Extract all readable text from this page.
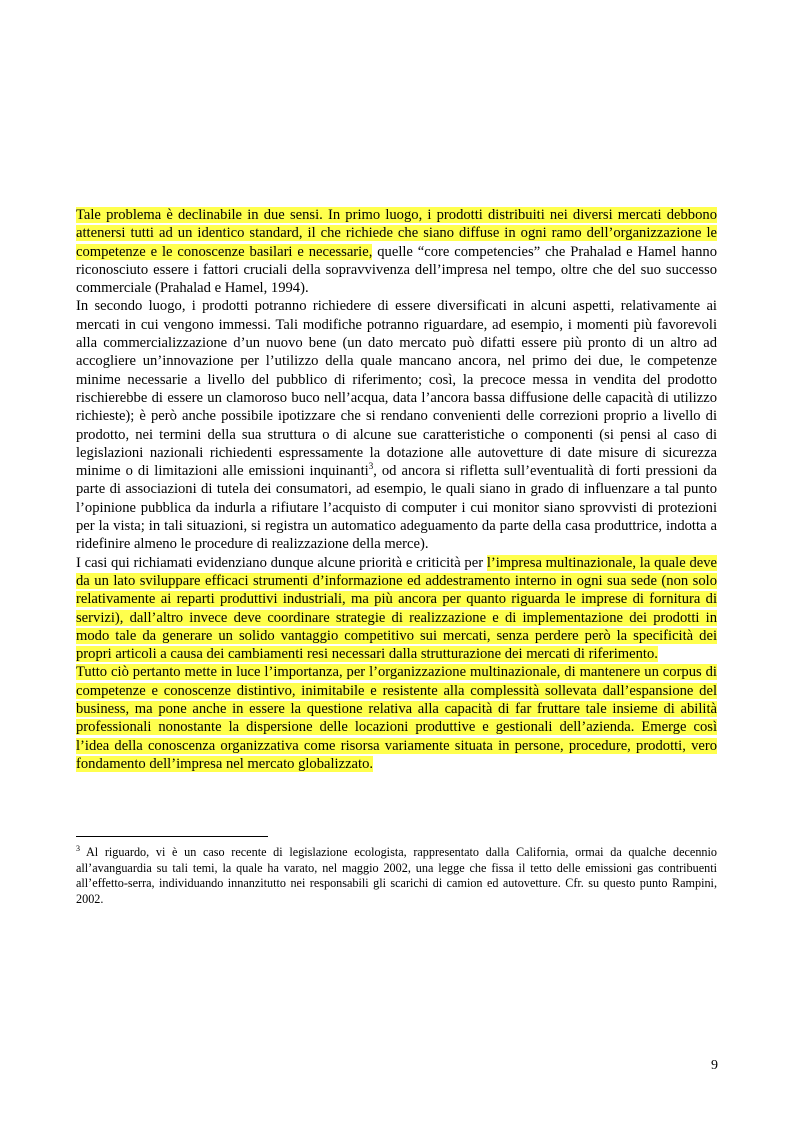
Tale problema è declinabile in due sensi. In primo luogo, i prodotti distribuiti nei diversi mercati debbono attenersi tutti ad un identico standard, il che richiede che siano diffuse in ogni ramo dell’organizzazione le competenze e le conoscenze basilari e necessarie, quelle “core competencies” che Prahalad e Hamel hanno riconosciuto essere i fattori cruciali della sopravvivenza dell’impresa nel tempo, oltre che del suo successo commerciale (Prahalad e Hamel, 1994).

In secondo luogo, i prodotti potranno richiedere di essere diversificati in alcuni aspetti, relativamente ai mercati in cui vengono immessi. Tali modifiche potranno riguardare, ad esempio, i momenti più favorevoli alla commercializzazione d’un nuovo bene (un dato mercato può difatti essere più pronto di un altro ad accogliere un’innovazione per l’utilizzo della quale mancano ancora, nel primo dei due, le competenze minime necessarie a livello del pubblico di riferimento; così, la precoce messa in vendita del prodotto rischierebbe di essere un clamoroso buco nell’acqua, data l’ancora bassa diffusione delle capacità di utilizzo richieste); è però anche possibile ipotizzare che si rendano convenienti delle correzioni proprio a livello di prodotto, nei termini della sua struttura o di alcune sue caratteristiche o componenti (si pensi al caso di legislazioni nazionali richiedenti espressamente la dotazione alle autovetture di date misure di sicurezza minime o di limitazioni alle emissioni inquinanti$^3$, od ancora si rifletta sull’eventualità di forti pressioni da parte di associazioni di tutela dei consumatori, ad esempio, le quali siano in grado di influenzare a tal punto l’opinione pubblica da indurla a rifiutare l’acquisto di computer i cui monitor siano sprovvisti di protezioni per la vista; in tali situazioni, si registra un automatico adeguamento da parte della casa produttrice, indotta a ridefinire almeno le procedure di realizzazione della merce).

I casi qui richiamati evidenziano dunque alcune priorità e criticità per l’impresa multinazionale, la quale deve da un lato sviluppare efficaci strumenti d’informazione ed addestramento interno in ogni sua sede (non solo relativamente ai reparti produttivi industriali, ma più ancora per quanto riguarda le imprese di fornitura di servizi), dall’altro invece deve coordinare strategie di realizzazione e di implementazione dei prodotti in modo tale da generare un solido vantaggio competitivo sui mercati, senza perdere però la specificità dei propri articoli a causa dei cambiamenti resi necessari dalla strutturazione dei mercati di riferimento.

Tutto ciò pertanto mette in luce l’importanza, per l’organizzazione multinazionale, di mantenere un corpus di competenze e conoscenze distintivo, inimitabile e resistente alla complessità sollevata dall’espansione del business, ma pone anche in essere la questione relativa alla capacità di far fruttare tale insieme di abilità professionali nonostante la dispersione delle locazioni produttive e gestionali dell’azienda. Emerge così l’idea della conoscenza organizzativa come risorsa variamente situata in persone, procedure, prodotti, vero fondamento dell’impresa nel mercato globalizzato.

$^3$ Al riguardo, vi è un caso recente di legislazione ecologista, rappresentato dalla California, ormai da qualche decennio all’avanguardia su tali temi, la quale ha varato, nel maggio 2002, una legge che fissa il tetto delle emissioni gas contribuenti all’effetto-serra, individuando innanzitutto nei responsabili gli scarichi di camion ed autovetture. Cfr. su questo punto Rampini, 2002.
9
